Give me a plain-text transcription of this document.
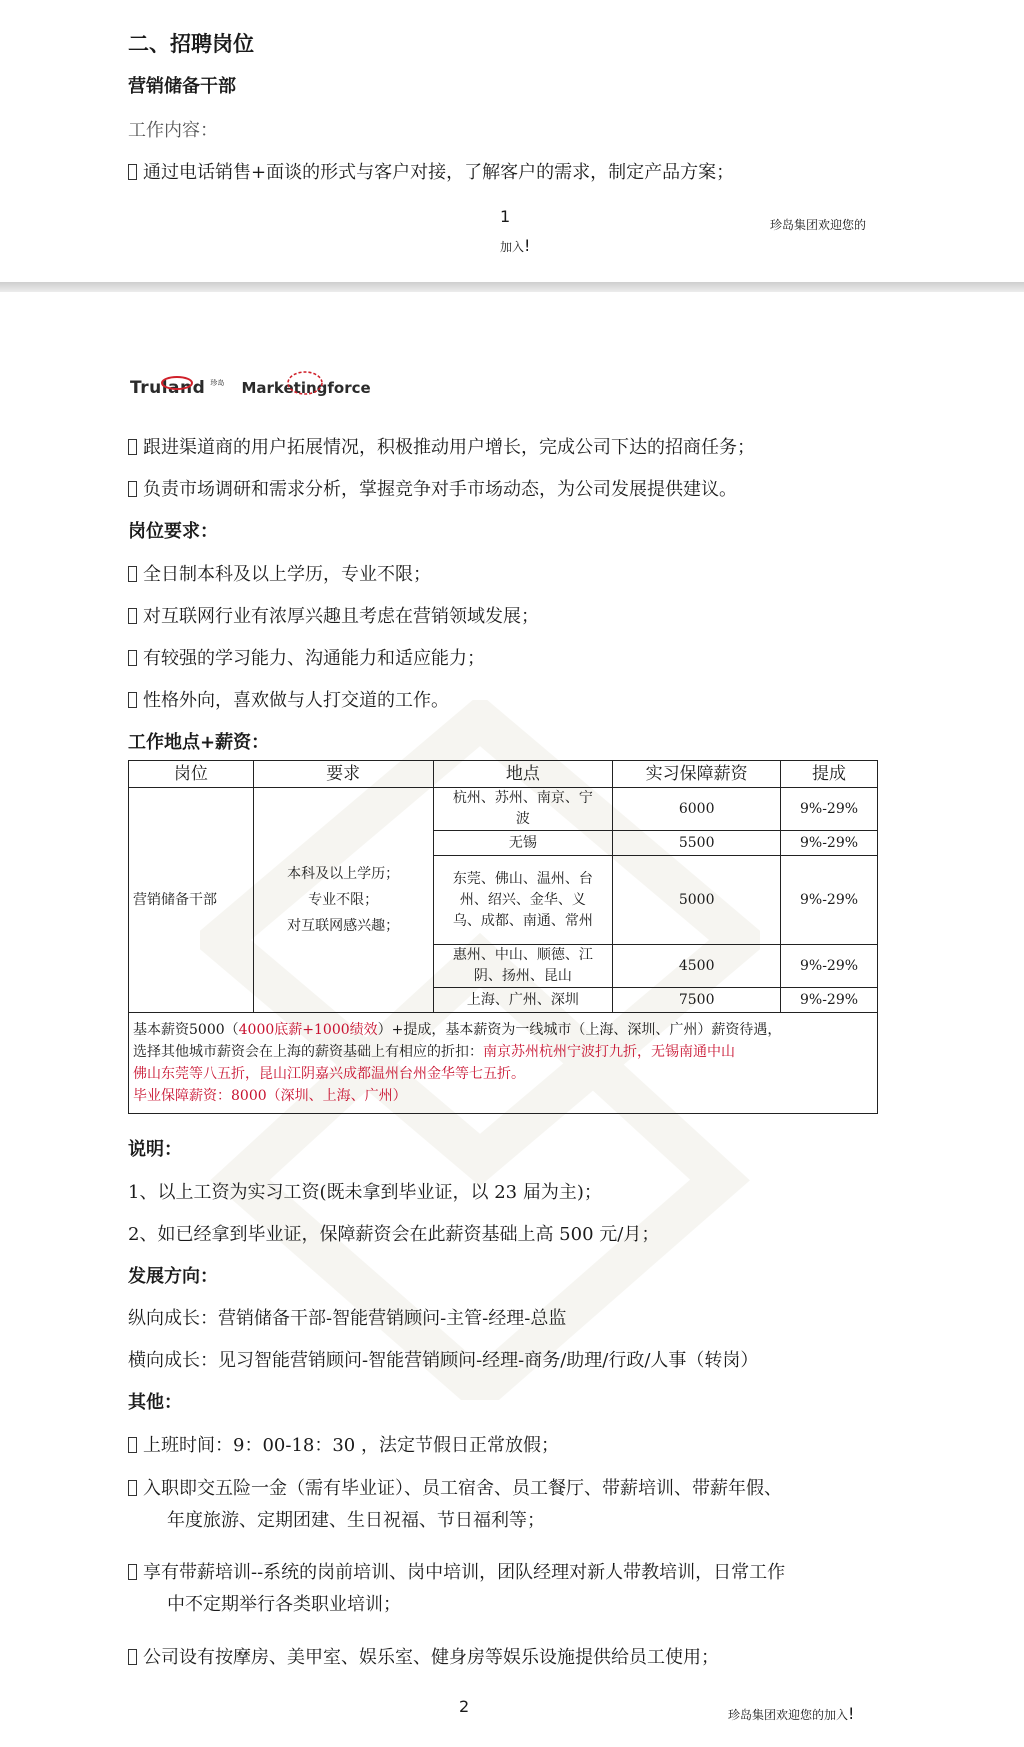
二、招聘岗位
营销储备干部
工作内容：
通过电话销售+面谈的形式与客户对接，了解客户的需求，制定产品方案；
1
加入!
珍岛集团欢迎您的
Truland $^{珍岛}$ Marketingforce
跟进渠道商的用户拓展情况，积极推动用户增长，完成公司下达的招商任务；
负责市场调研和需求分析，掌握竞争对手市场动态，为公司发展提供建议。
岗位要求：
全日制本科及以上学历，专业不限；
对互联网行业有浓厚兴趣且考虑在营销领域发展；
有较强的学习能力、沟通能力和适应能力；
性格外向，喜欢做与人打交道的工作。
工作地点+薪资：
岗位	要求	地点	实习保障薪资	提成
营销储备干部	本科及以上学历；
专业不限；
对互联网感兴趣；	杭州、苏州、南京、宁波	6000	9%-29%
		无锡	5500	9%-29%
		东莞、佛山、温州、台州、绍兴、金华、义乌、成都、南通、常州	5000	9%-29%
		惠州、中山、顺德、江阴、扬州、昆山	4500	9%-29%
		上海、广州、深圳	7500	9%-29%

基本薪资5000（4000底薪+1000绩效）+提成，基本薪资为一线城市（上海、深圳、广州）薪资待遇，
选择其他城市薪资会在上海的薪资基础上有相应的折扣：南京苏州杭州宁波打九折，无锡南通中山
佛山东莞等八五折，昆山江阴嘉兴成都温州台州金华等七五折。
毕业保障薪资：8000（深圳、上海、广州）				
说明：
1、以上工资为实习工资(既未拿到毕业证，以 23 届为主)；
2、如已经拿到毕业证，保障薪资会在此薪资基础上高 500 元/月；
发展方向：
纵向成长：营销储备干部-智能营销顾问-主管-经理-总监
横向成长：见习智能营销顾问-智能营销顾问-经理-商务/助理/行政/人事（转岗）
其他：
上班时间：9：00-18：30 ，法定节假日正常放假；
入职即交五险一金（需有毕业证）、员工宿舍、员工餐厅、带薪培训、带薪年假、
年度旅游、定期团建、生日祝福、节日福利等；
享有带薪培训--系统的岗前培训、岗中培训，团队经理对新人带教培训，日常工作
中不定期举行各类职业培训；
公司设有按摩房、美甲室、娱乐室、健身房等娱乐设施提供给员工使用；
2	珍岛集团欢迎您的加入!
